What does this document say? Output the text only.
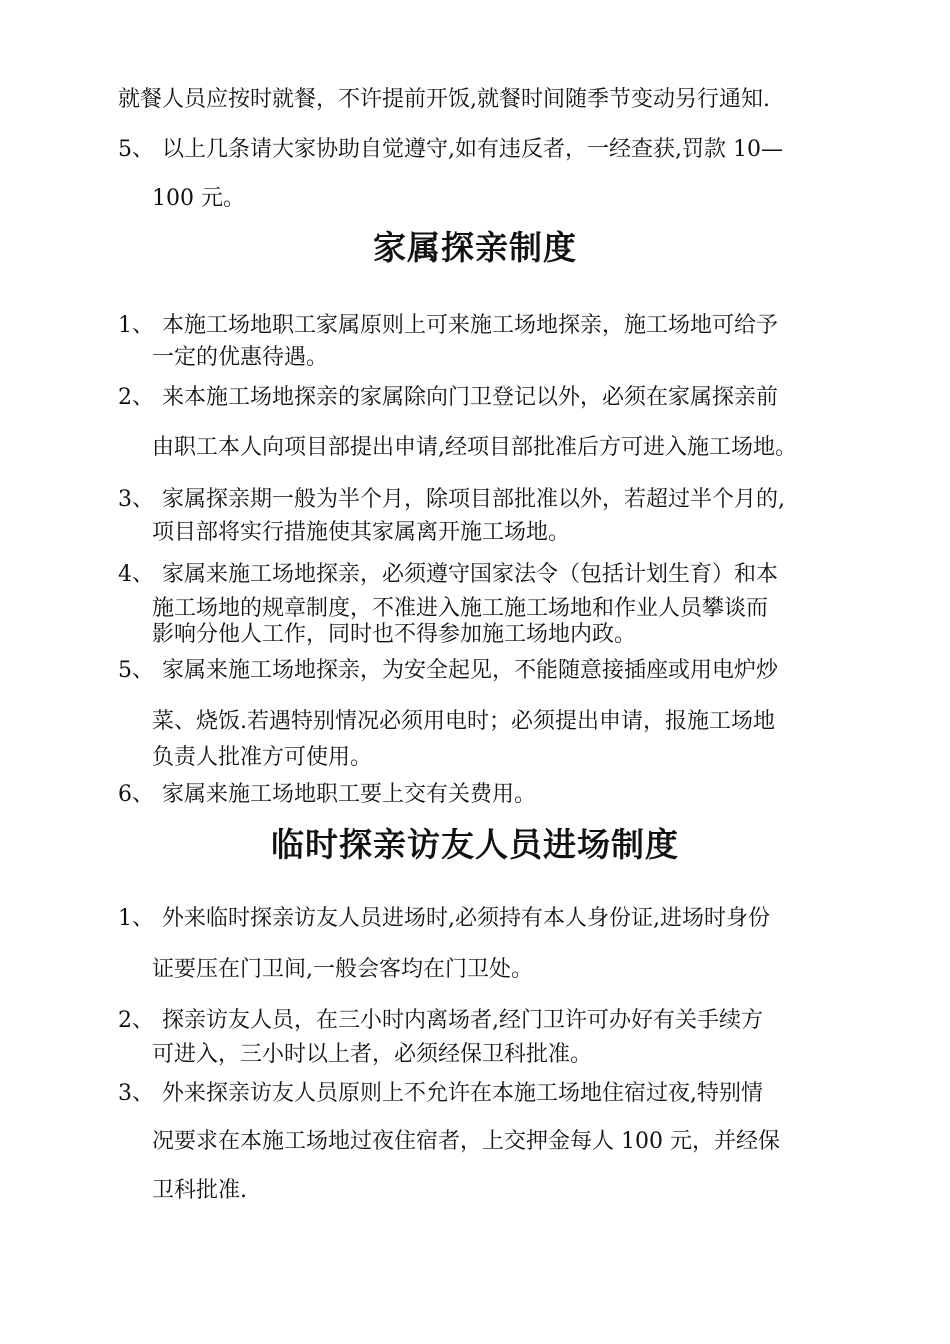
就餐人员应按时就餐，不许提前开饭,就餐时间随季节变动另行通知.
5、 以上几条请大家协助自觉遵守,如有违反者，一经查获,罚款 10—
100 元。
家属探亲制度
1、 本施工场地职工家属原则上可来施工场地探亲，施工场地可给予
一定的优惠待遇。
2、 来本施工场地探亲的家属除向门卫登记以外，必须在家属探亲前
由职工本人向项目部提出申请,经项目部批准后方可进入施工场地。
3、 家属探亲期一般为半个月，除项目部批准以外，若超过半个月的,
项目部将实行措施使其家属离开施工场地。
4、 家属来施工场地探亲，必须遵守国家法令（包括计划生育）和本
施工场地的规章制度，不准进入施工施工场地和作业人员攀谈而
影响分他人工作，同时也不得参加施工场地内政。
5、 家属来施工场地探亲，为安全起见，不能随意接插座或用电炉炒
菜、烧饭.若遇特别情况必须用电时；必须提出申请，报施工场地
负责人批准方可使用。
6、 家属来施工场地职工要上交有关费用。
临时探亲访友人员进场制度
1、 外来临时探亲访友人员进场时,必须持有本人身份证,进场时身份
证要压在门卫间,一般会客均在门卫处。
2、 探亲访友人员，在三小时内离场者,经门卫许可办好有关手续方
可进入，三小时以上者，必须经保卫科批准。
3、 外来探亲访友人员原则上不允许在本施工场地住宿过夜,特别情
况要求在本施工场地过夜住宿者，上交押金每人 100 元，并经保
卫科批准.
